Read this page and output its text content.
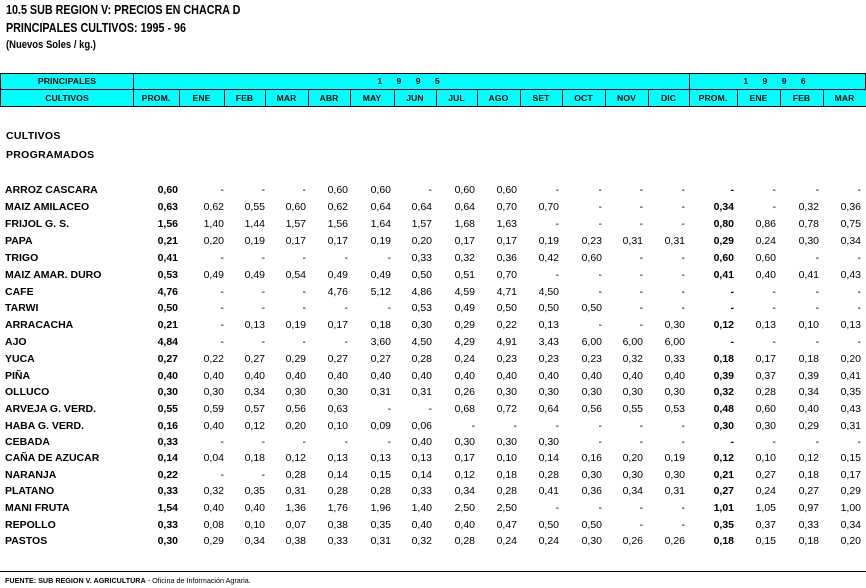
10.5 SUB REGION V: PRECIOS EN CHACRA D
PRINCIPALES CULTIVOS: 1995 - 96
(Nuevos Soles / kg.)
PRINCIPALES
CULTIVOS
1 9 9 5	1 9 9 6
PROM.	ENE	FEB	MAR	ABR	MAY	JUN	JUL	AGO	SET	OCT	NOV	DIC	PROM.	ENE	FEB	MAR
CULTIVOS
PROGRAMADOS
ARROZ CASCARA	0,60	-	-	- 0,60 0,60	- 0,60 0,60	-	-	-	-	-	-	-	-
MAIZ AMILACEO	0,63 0,62 0,55 0,60 0,62 0,64 0,64 0,64 0,70 0,70	-	-	-	0,34	- 0,32 0,36
FRIJOL G. S.	1,56 1,40 1,44 1,57 1,56 1,64 1,57 1,68 1,63	-	-	-	-	0,80 0,86 0,78 0,75
PAPA	0,21 0,20 0,19 0,17 0,17 0,19 0,20 0,17 0,17 0,19 0,23 0,31 0,31	0,29 0,24 0,30 0,34
TRIGO	0,41	-	-	-	-	- 0,33 0,32 0,36 0,42 0,60	-	-	0,60 0,60	-	-
MAIZ AMAR. DURO	0,53 0,49 0,49 0,54 0,49 0,49 0,50 0,51 0,70	-	-	-	-	0,41 0,40 0,41 0,43
CAFE	4,76	-	-	- 4,76 5,12 4,86 4,59 4,71 4,50	-	-	-	-	-	-	-
TARWI	0,50	-	-	-	-	- 0,53 0,49 0,50 0,50 0,50	-	-	-	-	-	-
ARRACACHA	0,21	- 0,13 0,19 0,17 0,18 0,30 0,29 0,22 0,13	-	- 0,30	0,12 0,13 0,10 0,13
AJO	4,84	-	-	-	- 3,60 4,50 4,29 4,91 3,43 6,00 6,00 6,00	-	-	-	-
YUCA	0,27 0,22 0,27 0,29 0,27 0,27 0,28 0,24 0,23 0,23 0,23 0,32 0,33	0,18 0,17 0,18 0,20
PIÑA	0,40 0,40 0,40 0,40 0,40 0,40 0,40 0,40 0,40 0,40 0,40 0,40 0,40	0,39 0,37 0,39 0,41
OLLUCO	0,30 0,30 0,34 0,30 0,30 0,31 0,31 0,26 0,30 0,30 0,30 0,30 0,30	0,32 0,28 0,34 0,35
ARVEJA G. VERD.	0,55 0,59 0,57 0,56 0,63	-	- 0,68 0,72 0,64 0,56 0,55 0,53	0,48 0,60 0,40 0,43
HABA G. VERD.	0,16 0,40 0,12 0,20 0,10 0,09 0,06	-	-	-	-	-	-	0,30 0,30 0,29 0,31
CEBADA	0,33	-	-	-	-	- 0,40 0,30 0,30 0,30	-	-	-	-	-	-	-
CAÑA DE AZUCAR	0,14 0,04 0,18 0,12 0,13 0,13 0,13 0,17 0,10 0,14 0,16 0,20 0,19	0,12 0,10 0,12 0,15
NARANJA	0,22	-	- 0,28 0,14 0,15 0,14 0,12 0,18 0,28 0,30 0,30 0,30	0,21 0,27 0,18 0,17
PLATANO	0,33 0,32 0,35 0,31 0,28 0,28 0,33 0,34 0,28 0,41 0,36 0,34 0,31	0,27 0,24 0,27 0,29
MANI FRUTA	1,54 0,40 0,40 1,36 1,76 1,96 1,40 2,50 2,50	-	-	-	-	1,01 1,05 0,97 1,00
REPOLLO	0,33 0,08 0,10 0,07 0,38 0,35 0,40 0,40 0,47 0,50 0,50	-	-	0,35 0,37 0,33 0,34
PASTOS	0,30 0,29 0,34 0,38 0,33 0,31 0,32 0,28 0,24 0,24 0,30 0,26 0,26	0,18 0,15 0,18 0,20
FUENTE: SUB REGION V. AGRICULTURA - Oficina de Información Agraria.
